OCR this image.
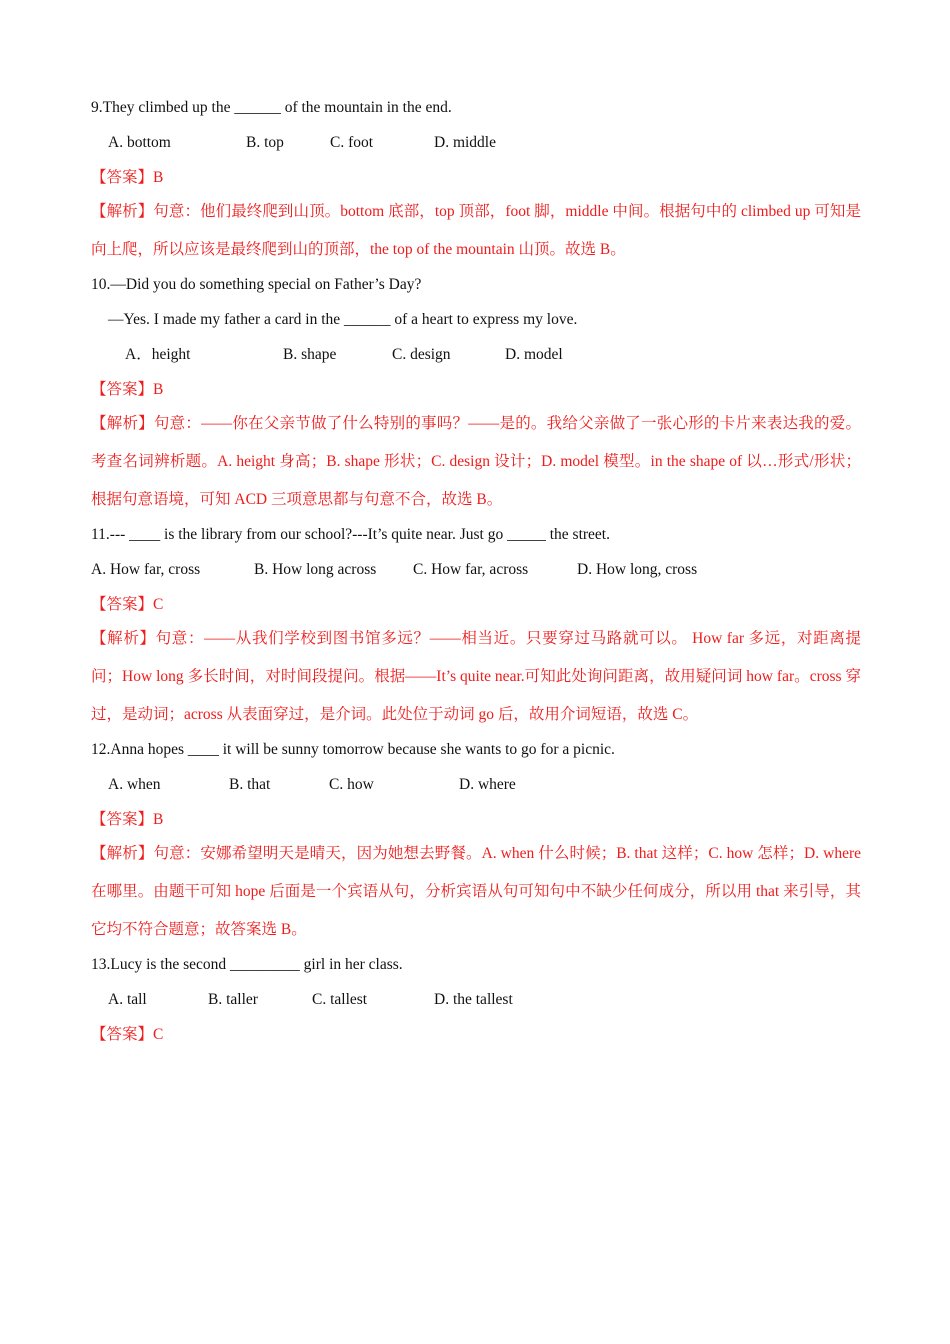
9.They climbed up the ______ of the mountain in the end.
A. bottom	B. top	C. foot	D. middle
【答案】B
【解析】句意：他们最终爬到山顶。bottom 底部，top 顶部，foot 脚，middle 中间。根据句中的 climbed up 可知是向上爬，所以应该是最终爬到山的顶部，the top of the mountain 山顶。故选 B。
10.—Did you do something special on Father’s Day?
—Yes. I made my father a card in the ______ of a heart to express my love.
A．height	B. shape	C. design	D. model
【答案】B
【解析】句意：——你在父亲节做了什么特别的事吗？——是的。我给父亲做了一张心形的卡片来表达我的爱。考查名词辨析题。A. height 身高；B. shape 形状；C. design 设计；D. model 模型。in the shape of 以…形式/形状；根据句意语境，可知 ACD 三项意思都与句意不合，故选 B。
11.--- ____ is the library from our school?---It’s quite near. Just go _____ the street.
A. How far, cross	B. How long across	C. How far, across	D. How long, cross
【答案】C
【解析】句意：——从我们学校到图书馆多远？——相当近。只要穿过马路就可以。 How far 多远，对距离提问；How long 多长时间，对时间段提问。根据——It’s quite near.可知此处询问距离，故用疑问词 how far。cross 穿过，是动词；across 从表面穿过，是介词。此处位于动词 go 后，故用介词短语，故选 C。
12.Anna hopes ____ it will be sunny tomorrow because she wants to go for a picnic.
A. when	B. that	C. how	D. where
【答案】B
【解析】句意：安娜希望明天是晴天，因为她想去野餐。A. when 什么时候；B. that 这样；C. how 怎样；D. where 在哪里。由题干可知 hope 后面是一个宾语从句，分析宾语从句可知句中不缺少任何成分，所以用 that 来引导，其它均不符合题意；故答案选 B。
13.Lucy is the second _________ girl in her class.
A. tall	B. taller	C. tallest	D. the tallest
【答案】C
